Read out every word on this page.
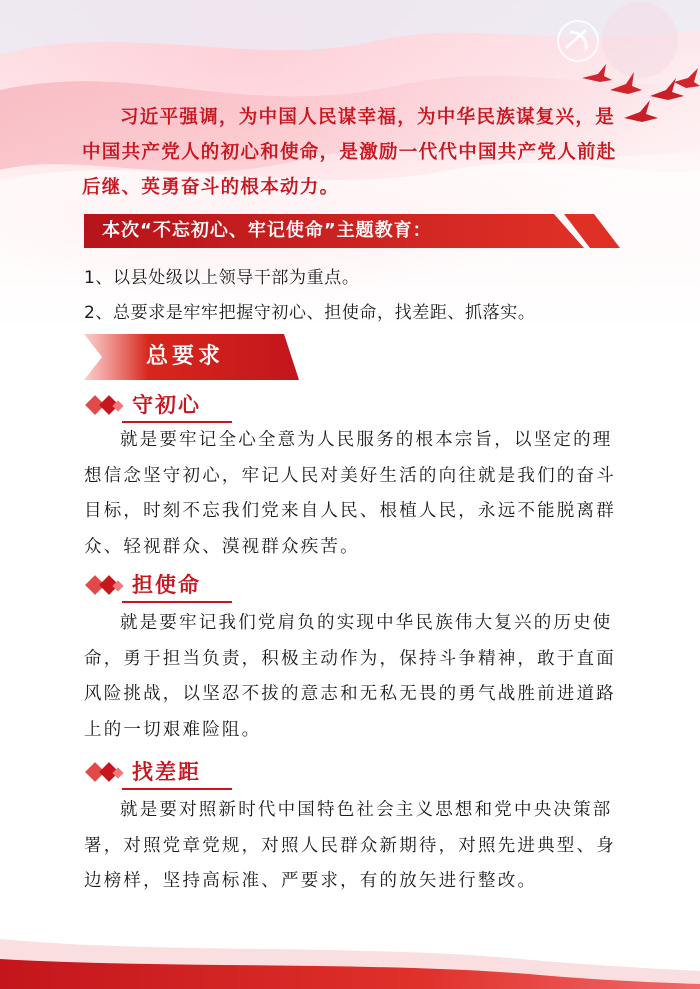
习近平强调，为中国人民谋幸福，为中华民族谋复兴，是中国共产党人的初心和使命，是激励一代代中国共产党人前赴后继、英勇奋斗的根本动力。

本次“不忘初心、牢记使命”主题教育：
1、以县处级以上领导干部为重点。
2、总要求是牢牢把握守初心、担使命，找差距、抓落实。
总要求
守初心

就是要牢记全心全意为人民服务的根本宗旨，以坚定的理想信念坚守初心，牢记人民对美好生活的向往就是我们的奋斗目标，时刻不忘我们党来自人民、根植人民，永远不能脱离群众、轻视群众、漠视群众疾苦。

担使命

就是要牢记我们党肩负的实现中华民族伟大复兴的历史使命，勇于担当负责，积极主动作为，保持斗争精神，敢于直面风险挑战，以坚忍不拔的意志和无私无畏的勇气战胜前进道路上的一切艰难险阻。

找差距

就是要对照新时代中国特色社会主义思想和党中央决策部署，对照党章党规，对照人民群众新期待，对照先进典型、身边榜样，坚持高标准、严要求，有的放矢进行整改。
